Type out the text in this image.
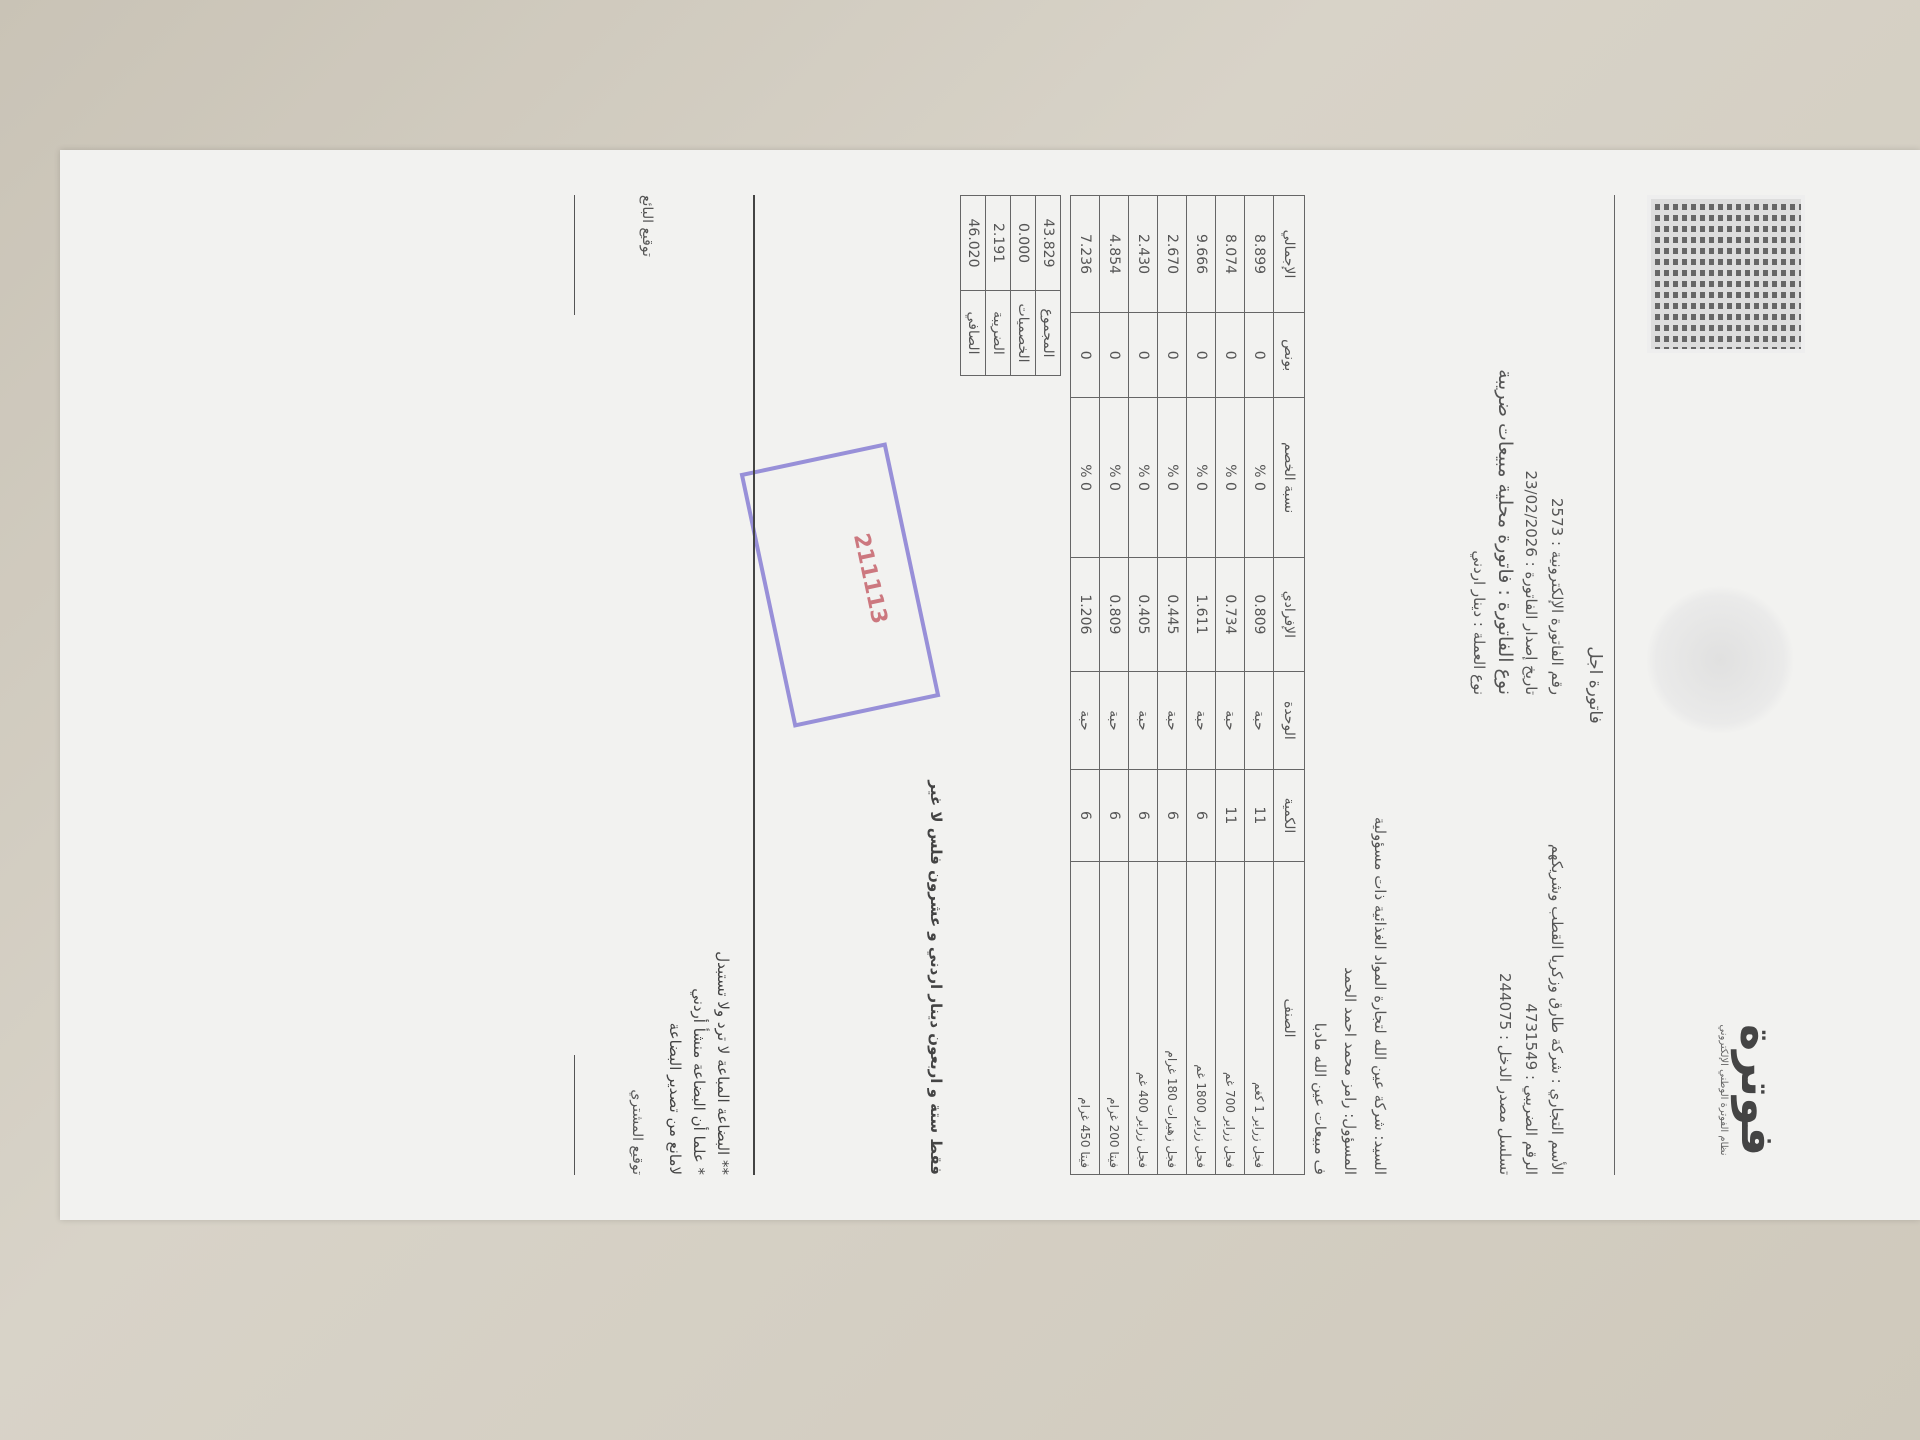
فوترة
نظام الفوترة الوطني الإلكتروني
فاتورة اجل
الأسم التجاري : شركة طارق وزكريا القطب وشريكهم
الرقم الضريبي : 4731549
تسلسل مصدر الدخل : 244075
رقم الفاتورة الإلكترونية : 2573
تاريخ إصدار الفاتورة : 23/02/2026
نوع الفاتورة : فاتورة محلية مبيعات ضريبة
نوع العملة : دينار اردني
السيد: شركة عين الله لتجارة المواد الغذائية ذات مسؤولية
المسؤول: رامز محمد احمد الحمد
ف مبيعات عين الله مادبا
الصنف	الكمية	الوحدة	الإفرادي	نسبة الخصم	بونص	الإجمالي
فجل زراير 1 كغم	11	حبة	0.809	0 %	0	8.899
فجل زراير 700 غم	11	حبة	0.734	0 %	0	8.074
فجل زراير 1800 غم	6	حبة	1.611	0 %	0	9.666
فجل زهيرات 180 غرام	6	حبة	0.445	0 %	0	2.670
فجل زراير 400 غم	6	حبة	0.405	0 %	0	2.430
فيتا 200 غرام	6	حبة	0.809	0 %	0	4.854
فيتا 450 غرام	6	حبة	1.206	0 %	0	7.236
المجموع	43.829
الخصميات	0.000
الضريبة	2.191
الصافي	46.020
فقط ستة و اربعون دينار اردني و عشرون فلس لا غير
211113
** البضاعة المباعة لا ترد ولا تستبدل
* علما أن البضاعة منشأ أردني
لامانع من تصدير البضاعة
توقيع المشتري
توقيع البائع
